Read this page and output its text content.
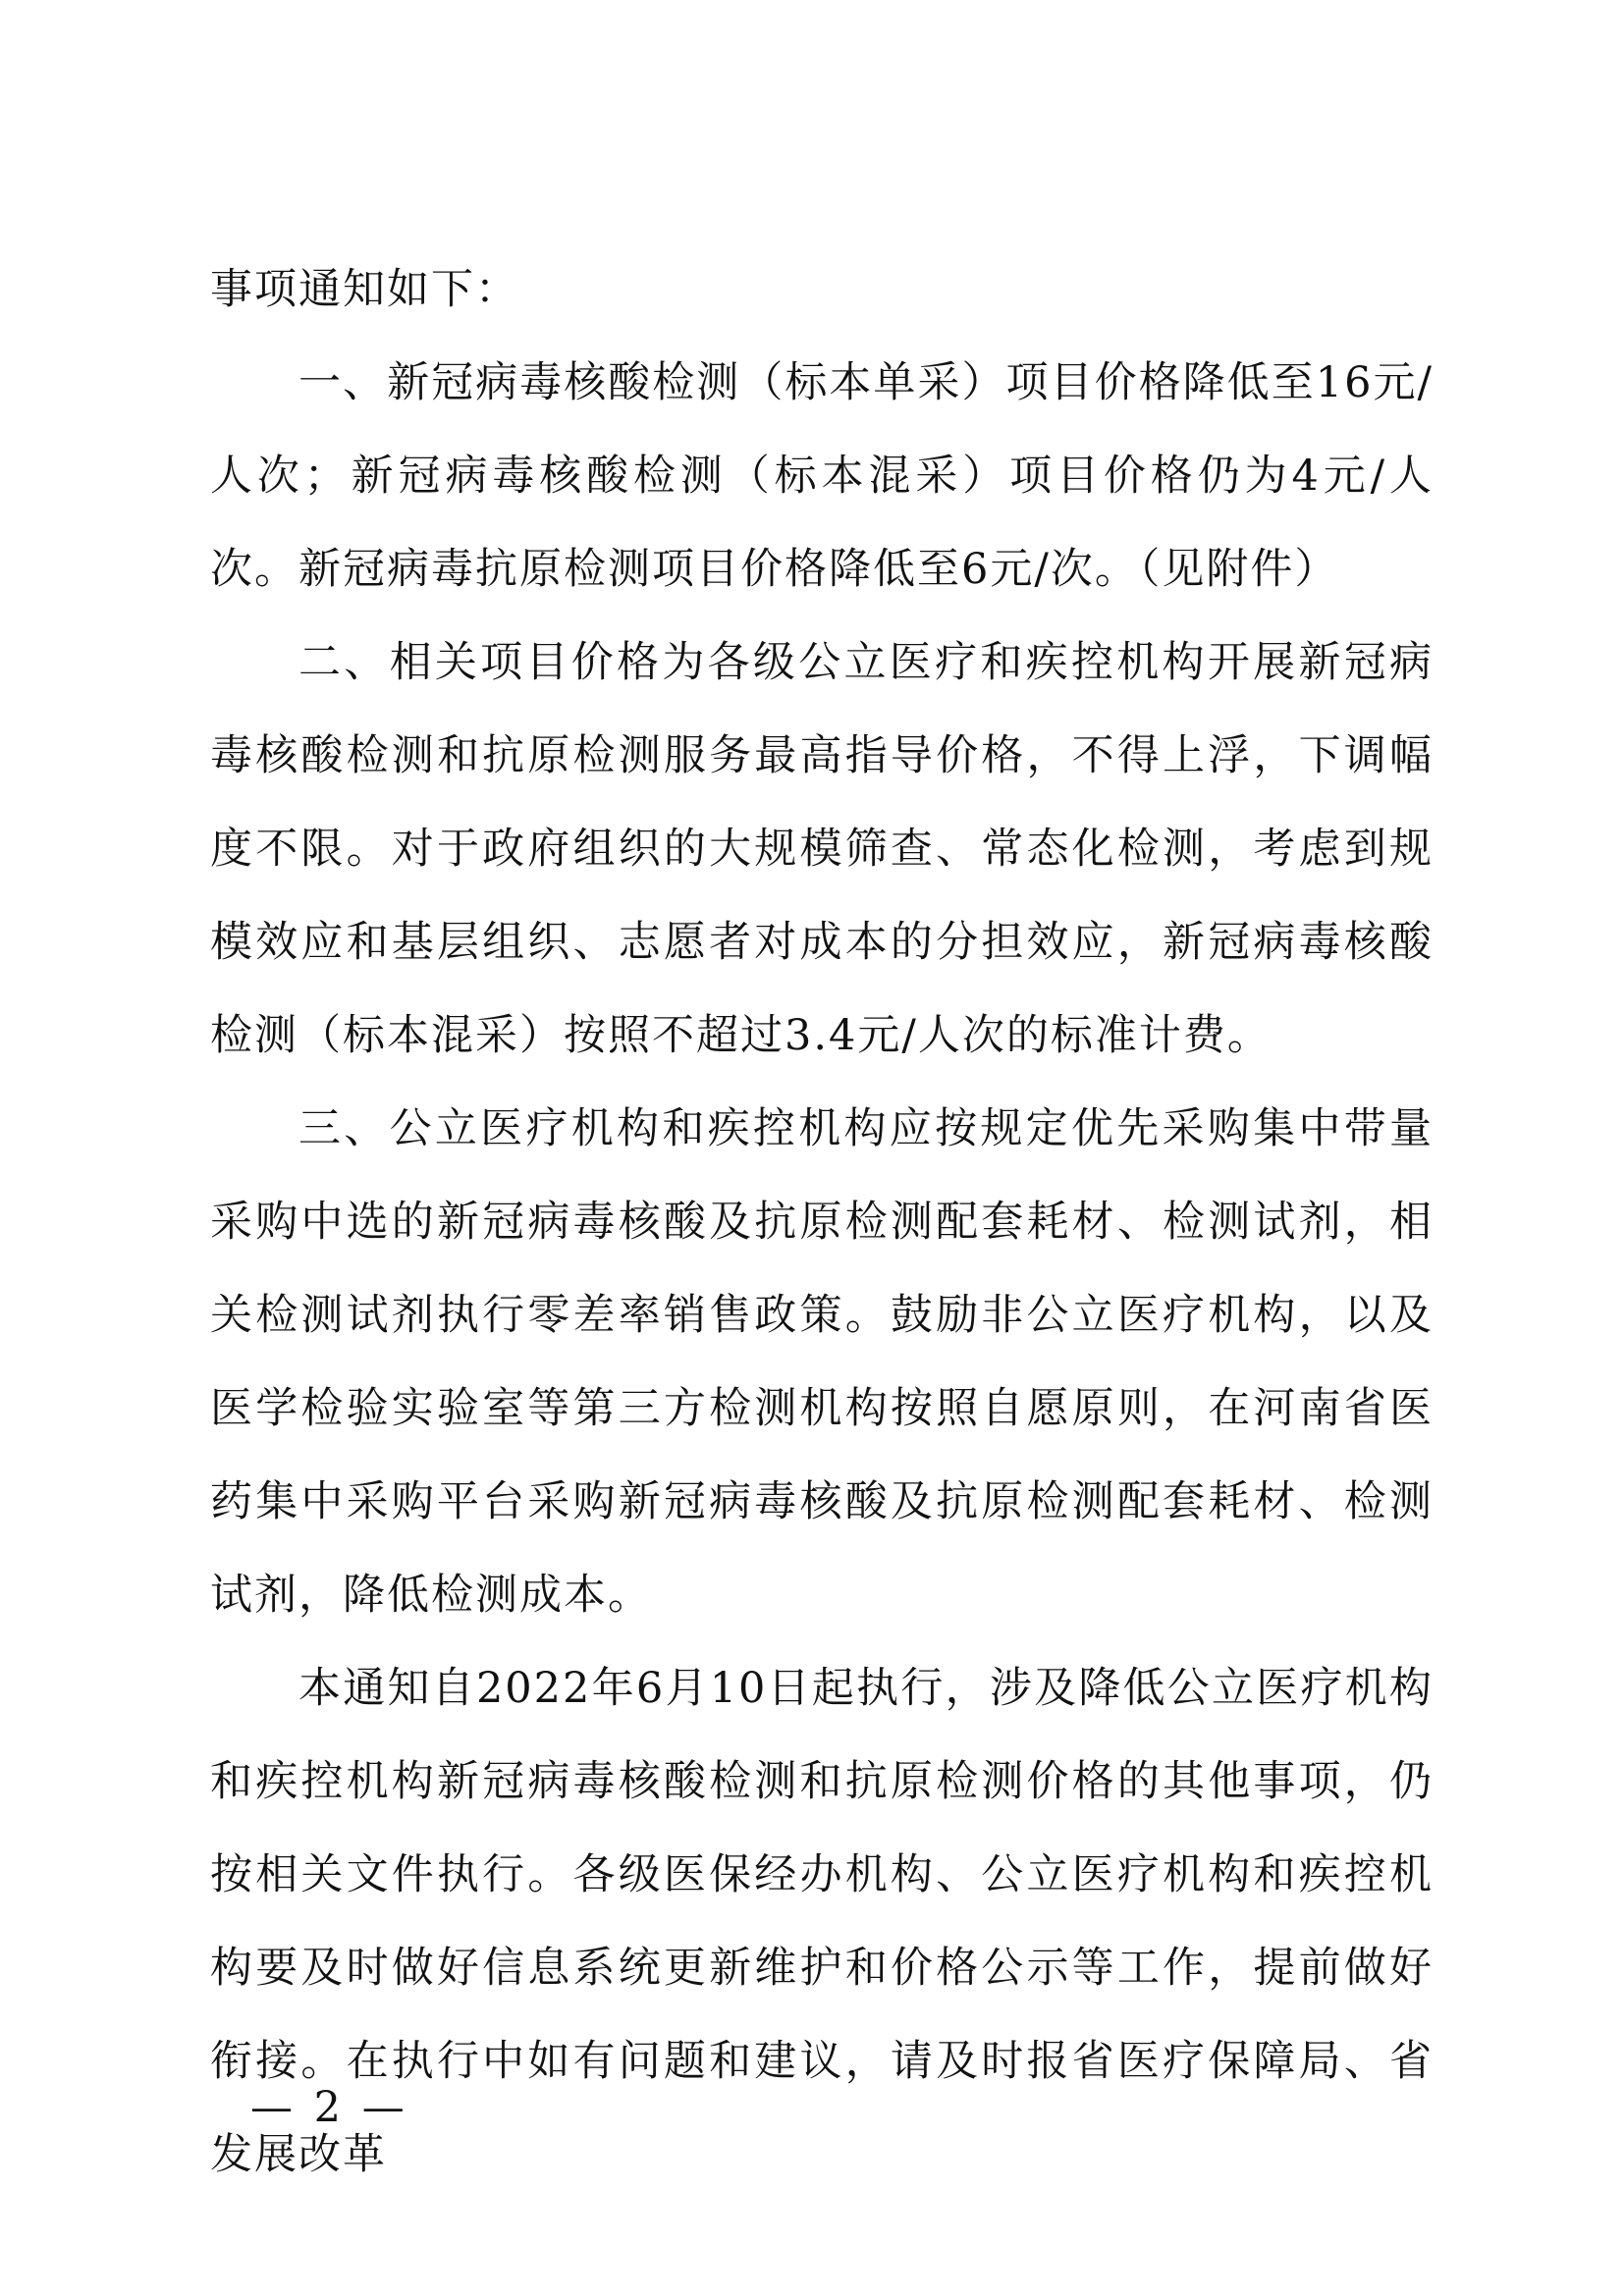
事项通知如下：

一、新冠病毒核酸检测（标本单采）项目价格降低至16元/人次；新冠病毒核酸检测（标本混采）项目价格仍为4元/人次。新冠病毒抗原检测项目价格降低至6元/次。（见附件）

二、相关项目价格为各级公立医疗和疾控机构开展新冠病毒核酸检测和抗原检测服务最高指导价格，不得上浮，下调幅度不限。对于政府组织的大规模筛查、常态化检测，考虑到规模效应和基层组织、志愿者对成本的分担效应，新冠病毒核酸检测（标本混采）按照不超过3.4元/人次的标准计费。

三、公立医疗机构和疾控机构应按规定优先采购集中带量采购中选的新冠病毒核酸及抗原检测配套耗材、检测试剂，相关检测试剂执行零差率销售政策。鼓励非公立医疗机构，以及医学检验实验室等第三方检测机构按照自愿原则，在河南省医药集中采购平台采购新冠病毒核酸及抗原检测配套耗材、检测试剂，降低检测成本。

本通知自2022年6月10日起执行，涉及降低公立医疗机构和疾控机构新冠病毒核酸检测和抗原检测价格的其他事项，仍按相关文件执行。各级医保经办机构、公立医疗机构和疾控机构要及时做好信息系统更新维护和价格公示等工作，提前做好衔接。在执行中如有问题和建议，请及时报省医疗保障局、省发展改革

— 2 —
